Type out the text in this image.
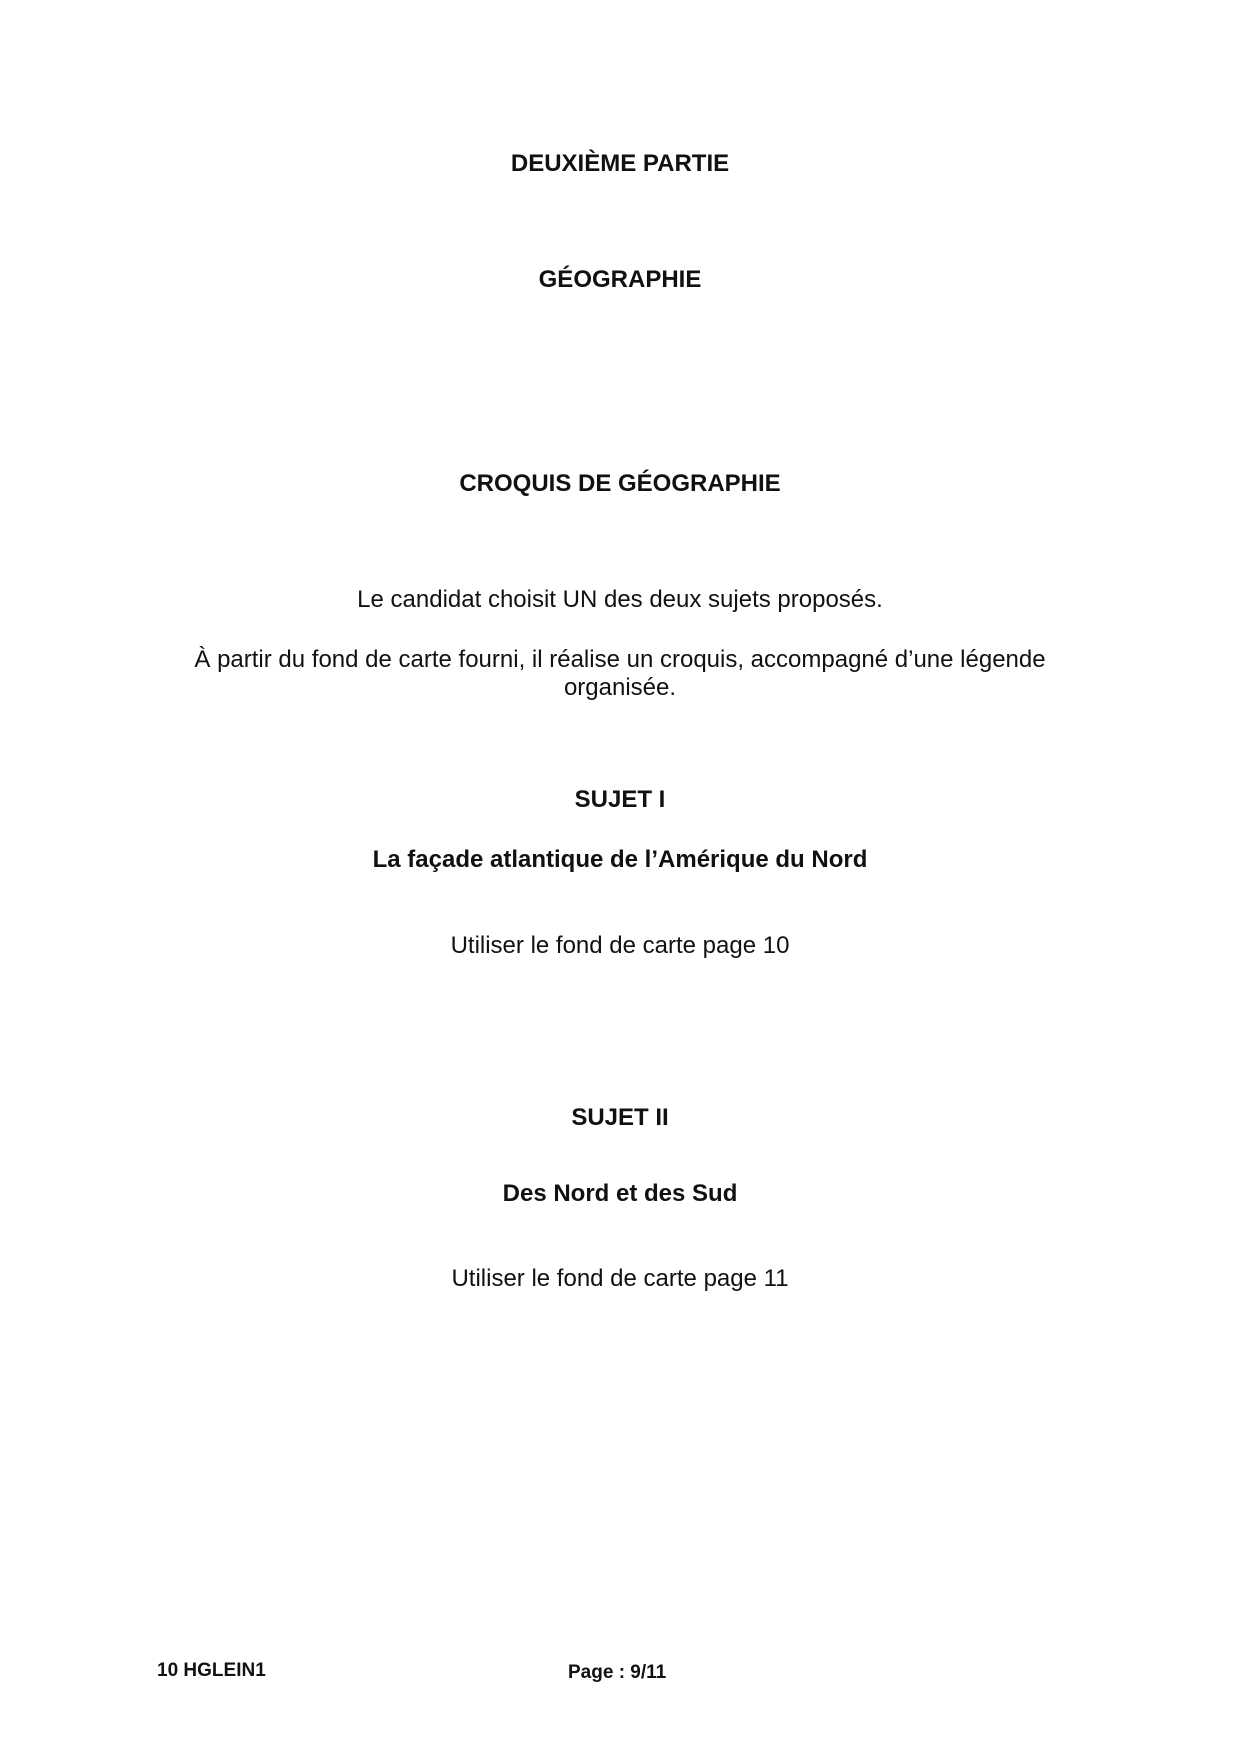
DEUXIÈME PARTIE
GÉOGRAPHIE
CROQUIS DE GÉOGRAPHIE
Le candidat choisit UN des deux sujets proposés.
À partir du fond de carte fourni, il réalise un croquis, accompagné d’une légende
organisée.
SUJET I
La façade atlantique de l’Amérique du Nord
Utiliser le fond de carte page 10
SUJET II
Des Nord et des Sud
Utiliser le fond de carte page 11
10 HGLEIN1	Page : 9/11
